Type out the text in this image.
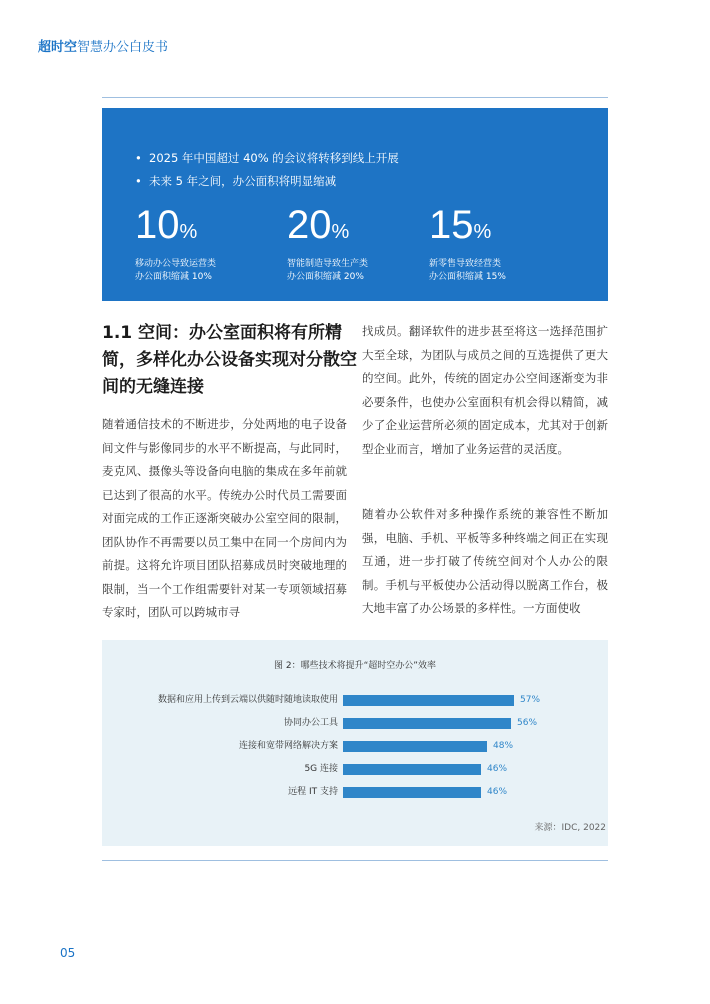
超时空智慧办公白皮书
• 2025 年中国超过 40% 的会议将转移到线上开展
• 未来 5 年之间，办公面积将明显缩减
10%
移动办公导致运营类
办公面积缩减 10%
20%
智能制造导致生产类
办公面积缩减 20%
15%
新零售导致经营类
办公面积缩减 15%
1.1 空间：办公室面积将有所精简，多样化办公设备实现对分散空间的无缝连接
随着通信技术的不断进步，分处两地的电子设备间文件与影像同步的水平不断提高，与此同时，麦克风、摄像头等设备向电脑的集成在多年前就已达到了很高的水平。传统办公时代员工需要面对面完成的工作正逐渐突破办公室空间的限制，团队协作不再需要以员工集中在同一个房间内为前提。这将允许项目团队招募成员时突破地理的限制，当一个工作组需要针对某一专项领域招募专家时，团队可以跨城市寻
找成员。翻译软件的进步甚至将这一选择范围扩大至全球，为团队与成员之间的互选提供了更大的空间。此外，传统的固定办公空间逐渐变为非必要条件，也使办公室面积有机会得以精简，减少了企业运营所必须的固定成本，尤其对于创新型企业而言，增加了业务运营的灵活度。
随着办公软件对多种操作系统的兼容性不断加强，电脑、手机、平板等多种终端之间正在实现互通，进一步打破了传统空间对个人办公的限制。手机与平板使办公活动得以脱离工作台，极大地丰富了办公场景的多样性。一方面使收
图 2：哪些技术将提升“超时空办公”效率
数据和应用上传到云端以供随时随地读取使用	57%
协同办公工具	56%
连接和宽带网络解决方案	48%
5G 连接	46%
远程 IT 支持	46%
来源：IDC, 2022
05
